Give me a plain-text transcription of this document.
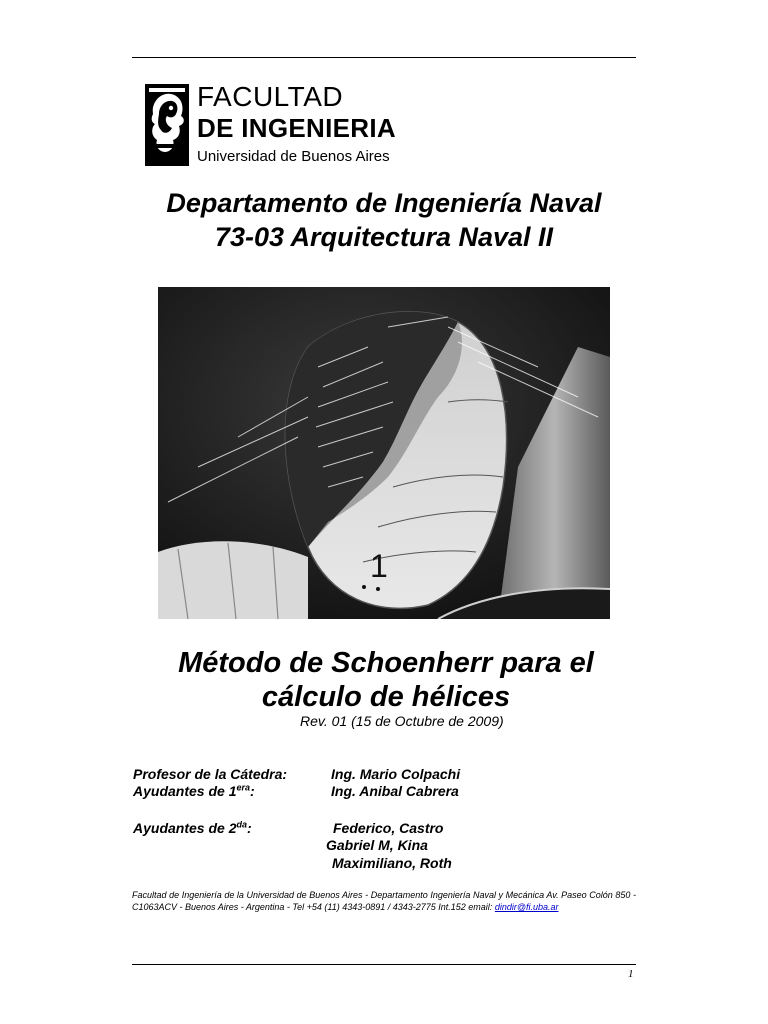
FACULTAD
DE INGENIERIA
Universidad de Buenos Aires
Departamento de Ingeniería Naval
73-03 Arquitectura Naval II
1
Método de Schoenherr para el
cálculo de hélices
Rev. 01 (15 de Octubre de 2009)
Profesor de la Cátedra:	Ing. Mario Colpachi
Ayudantes de $1^{era}$:	Ing. Anibal Cabrera
Ayudantes de $2^{da}$:	Federico, Castro
Gabriel M, Kina
Maximiliano, Roth
Facultad de Ingeniería de la Universidad de Buenos Aires - Departamento Ingeniería Naval y Mecánica Av. Paseo Colón 850 - C1063ACV - Buenos Aires - Argentina - Tel +54 (11) 4343-0891 / 4343-2775 Int.152 email: dindir@fi.uba.ar
1
